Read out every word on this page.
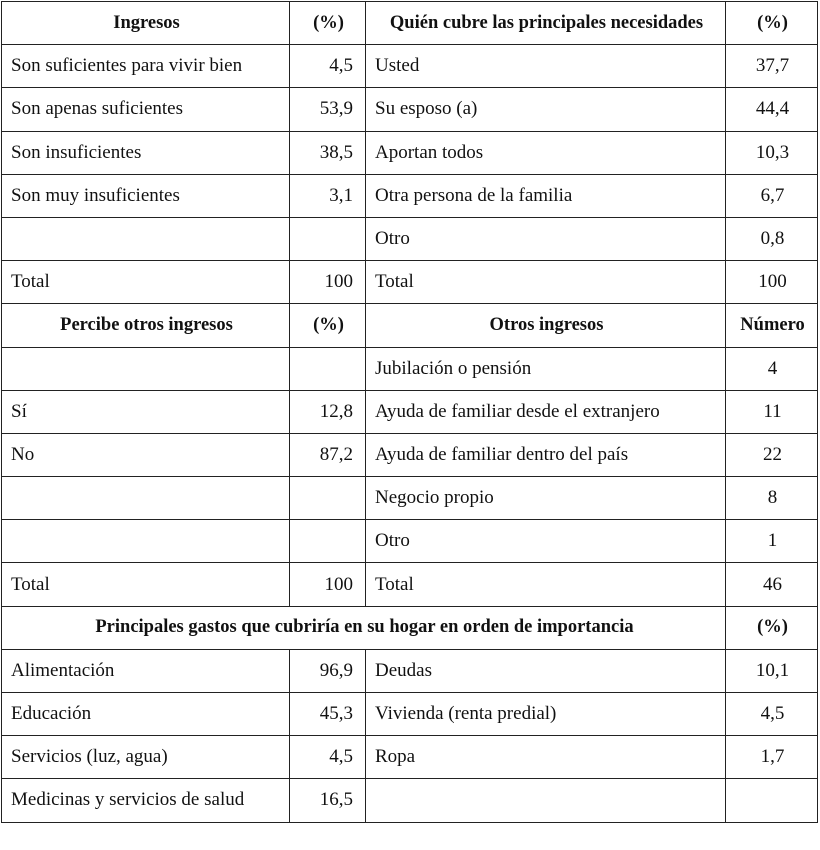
Ingresos	(%)	Quién cubre las principales necesidades	(%)
Son suficientes para vivir bien	4,5	Usted	37,7
Son apenas suficientes	53,9	Su esposo (a)	44,4
Son insuficientes	38,5	Aportan todos	10,3
Son muy insuficientes	3,1	Otra persona de la familia	6,7
		Otro	0,8
Total	100	Total	100
Percibe otros ingresos	(%)	Otros ingresos	Número
		Jubilación o pensión	4
Sí	12,8	Ayuda de familiar desde el extranjero	11
No	87,2	Ayuda de familiar dentro del país	22
		Negocio propio	8
		Otro	1
Total	100	Total	46
Principales gastos que cubriría en su hogar en orden de importancia			(%)
Alimentación	96,9	Deudas	10,1
Educación	45,3	Vivienda (renta predial)	4,5
Servicios (luz, agua)	4,5	Ropa	1,7
Medicinas y servicios de salud	16,5		
